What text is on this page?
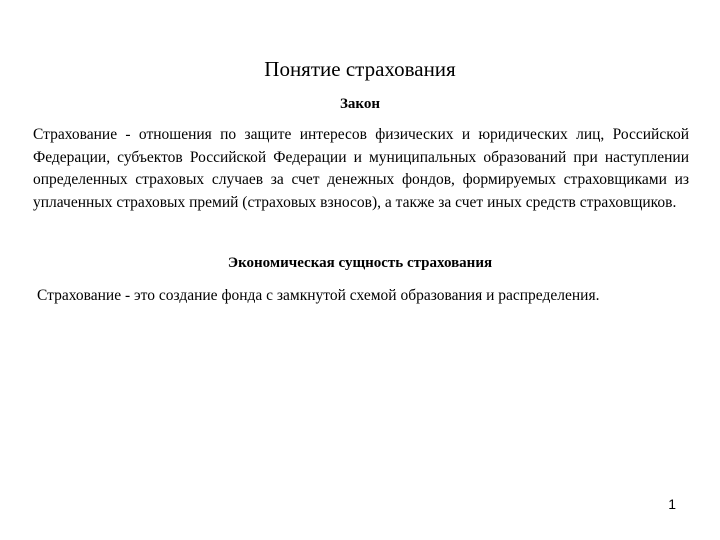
Понятие страхования
Закон
Страхование - отношения по защите интересов физических и юридических лиц, Российской Федерации, субъектов Российской Федерации и муниципальных образований при наступлении определенных страховых случаев за счет денежных фондов, формируемых страховщиками из уплаченных страховых премий (страховых взносов), а также за счет иных средств страховщиков.
Экономическая сущность страхования
Страхование - это создание фонда с замкнутой схемой образования и распределения.
1
